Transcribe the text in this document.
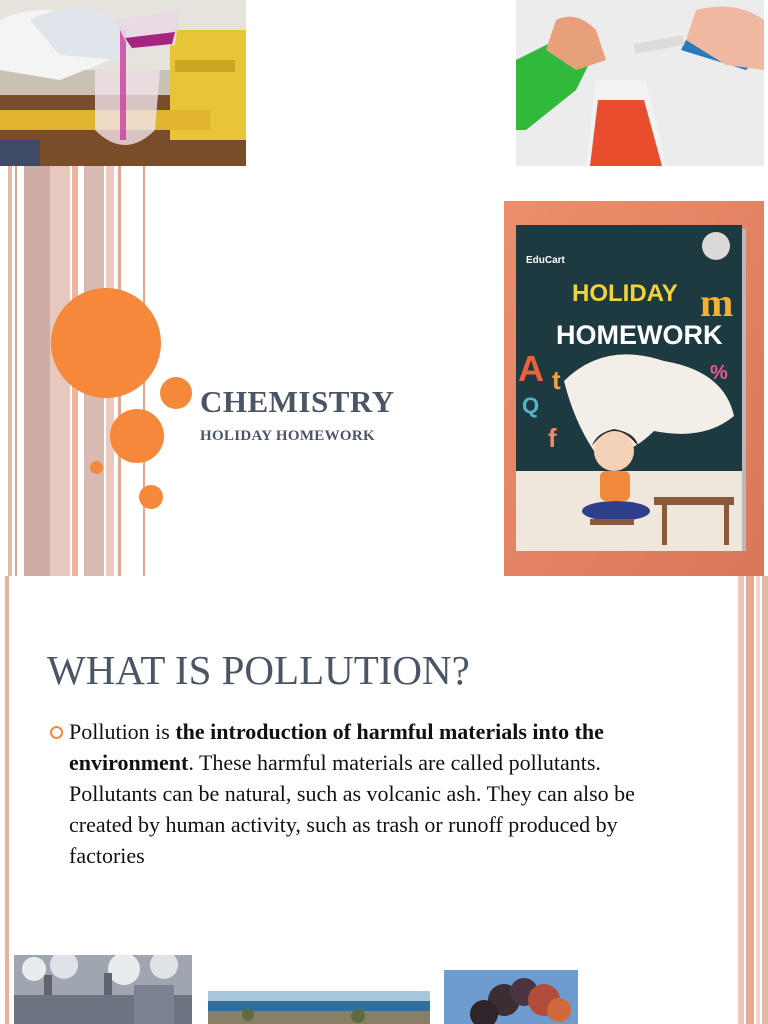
CHEMISTRY
HOLIDAY HOMEWORK
EduCart
HOLIDAY
HOMEWORK
m
A t
Q
f
%
WHAT IS POLLUTION?
Pollution is the introduction of harmful materials into the environment. These harmful materials are called pollutants. Pollutants can be natural, such as volcanic ash. They can also be created by human activity, such as trash or runoff produced by factories
